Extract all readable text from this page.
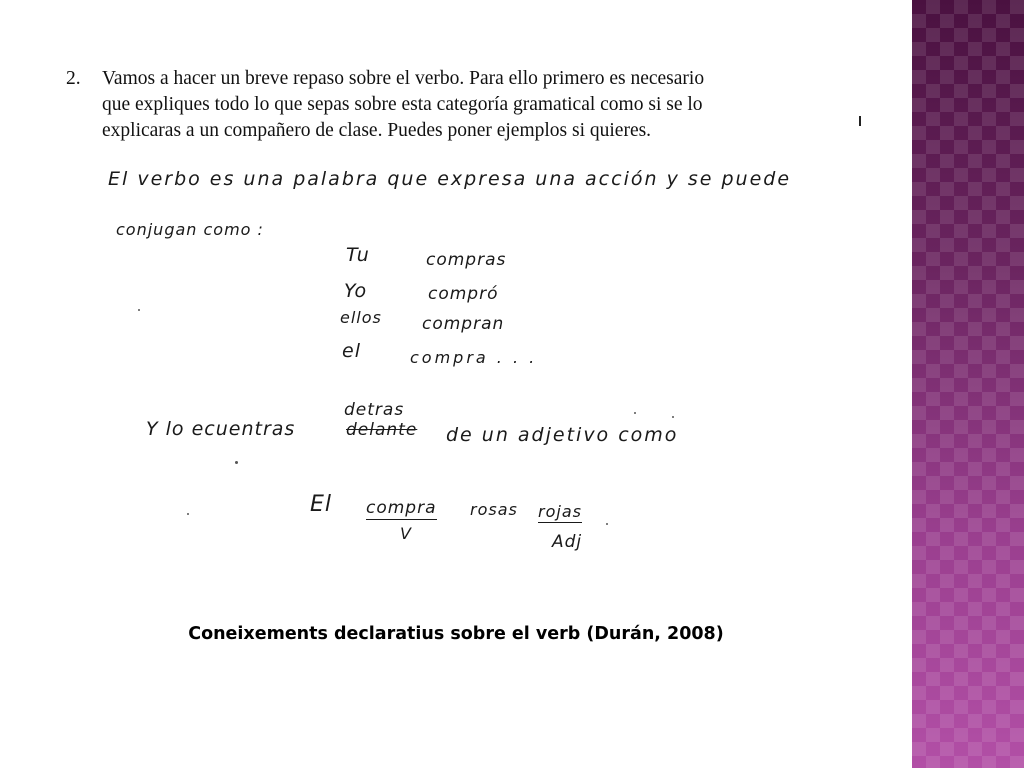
2. Vamos a hacer un breve repaso sobre el verbo. Para ello primero es necesario
que expliques todo lo que sepas sobre esta categoría gramatical como si se lo
explicaras a un compañero de clase. Puedes poner ejemplos si quieres.
El verbo es una palabra que expresa una acción y se puede
conjugan como :
Tu	compras
Yo	compró
ellos compran
el	compra . . .
detras
Y lo ecuentras	delante de un adjetivo como
El compra rosas rojas
V	Adj
Coneixements declaratius sobre el verb (Durán, 2008)
